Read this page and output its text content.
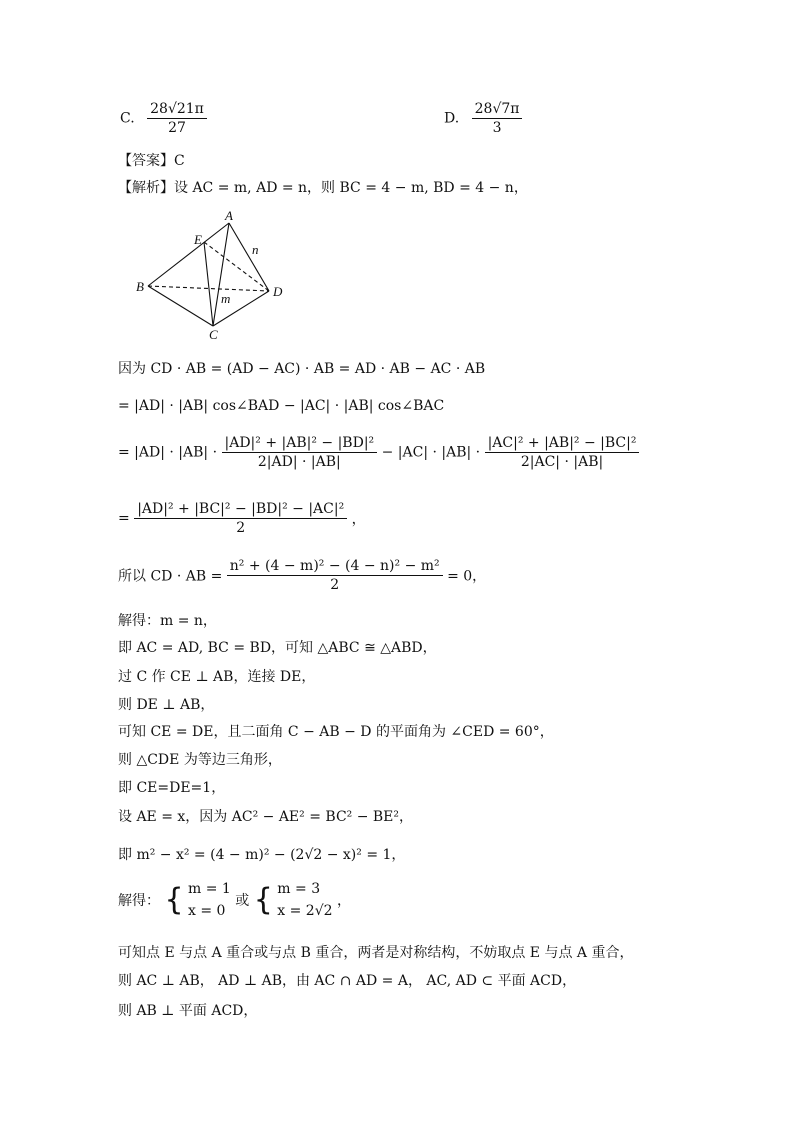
C. $\frac{28√21\pi}{27}$	D. $\frac{28√7\pi}{3}$
【答案】C
【解析】设 AC = m, AD = n，则 BC = 4 − m, BD = 4 − n，
A
E
n
B	D
m
C
因为 CD · AB = (AD − AC) · AB = AD · AB − AC · AB
= |AD| · |AB| cos∠BAD − |AC| · |AB| cos∠BAC
= $|AD| \cdot |AB| \cdot \frac{\text{|AD|² + |AB|² − |BD|²}}{2|AD| \cdot |AB|} - |AC| \cdot |AB| \cdot \frac{\text{|AC|² + |AB|² − |BC|²}}{2|AC| \cdot |AB|}$
= $\frac{\text{|AD|² + |BC|² − |BD|² − |AC|²}}{2}$ ，
所以 CD · AB = $\frac{\text{n² + (4 − m)² − (4 − n)² − m²}}{2} = 0$，
解得：m = n，
即 AC = AD, BC = BD，可知 △ABC ≅ △ABD，
过 C 作 CE ⊥ AB，连接 DE，
则 DE ⊥ AB，
可知 CE = DE，且二面角 C − AB − D 的平面角为 ∠CED = 60°，
则 △CDE 为等边三角形，
即 CE=DE=1，
设 AE = x，因为 AC² − AE² = BC² − BE²，
即 m² − x² = (4 − m)² − (2√2 − x)² = 1，
解得： { m = 1
x = 0
或 { m = 3
x = 2√2
，
可知点 E 与点 A 重合或与点 B 重合，两者是对称结构，不妨取点 E 与点 A 重合，
则 AC ⊥ AB， AD ⊥ AB，由 AC ∩ AD = A， AC, AD ⊂ 平面 ACD，
则 AB ⊥ 平面 ACD，
